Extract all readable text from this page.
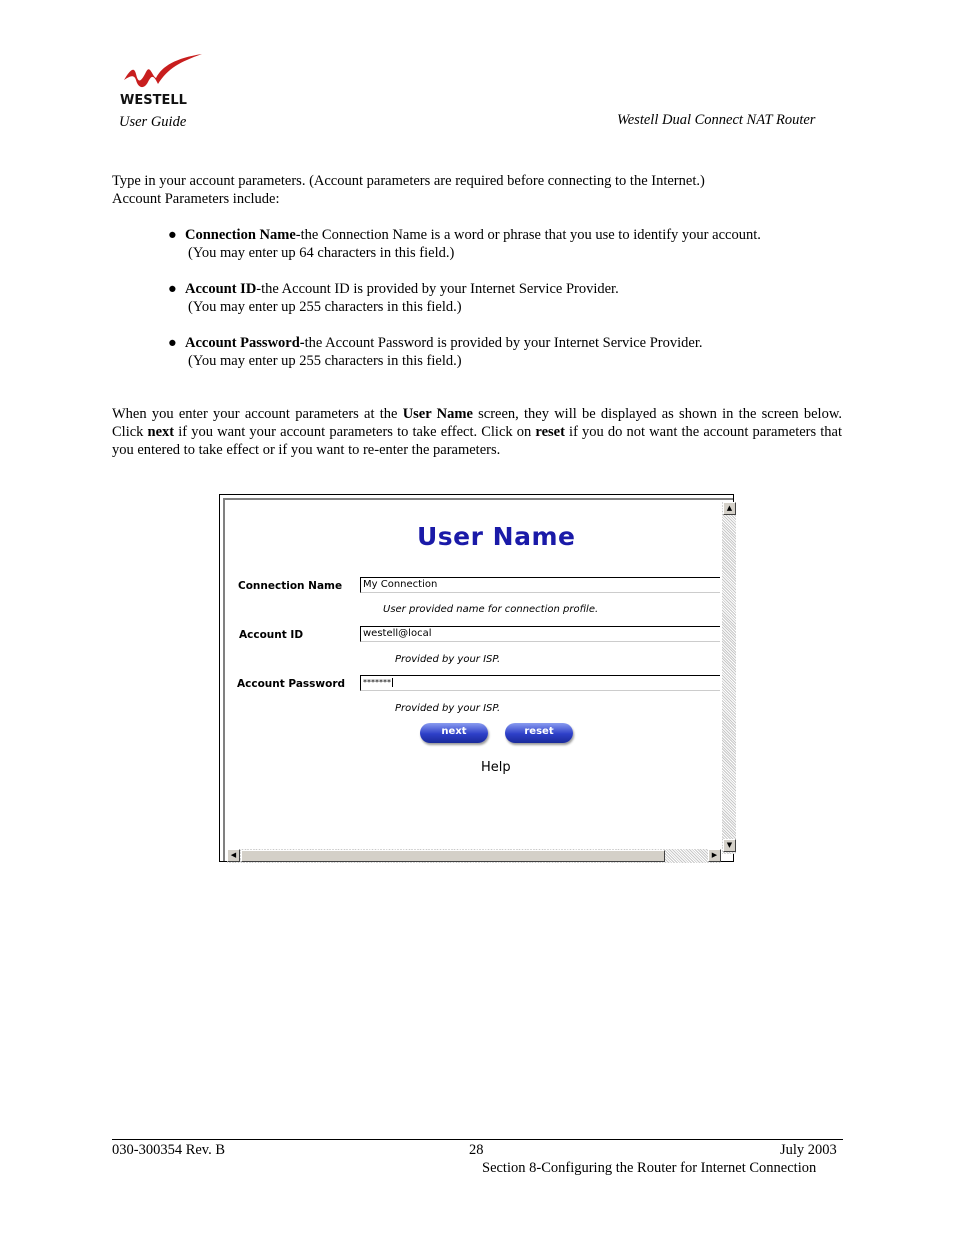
WESTELL
User Guide	Westell Dual Connect NAT Router
Type in your account parameters. (Account parameters are required before connecting to the Internet.)
Account Parameters include:
● Connection Name-the Connection Name is a word or phrase that you use to identify your account.
(You may enter up 64 characters in this field.)
● Account ID-the Account ID is provided by your Internet Service Provider.
(You may enter up 255 characters in this field.)
● Account Password-the Account Password is provided by your Internet Service Provider.
(You may enter up 255 characters in this field.)
When you enter your account parameters at the User Name screen, they will be displayed as shown in the screen below. Click next if you want your account parameters to take effect. Click on reset if you do not want the account parameters that you entered to take effect or if you want to re-enter the parameters.
User Name
Connection Name	My Connection
User provided name for connection profile.
Account ID	westell@local
Provided by your ISP.
Account Password	*******
Provided by your ISP.
next	reset
Help
▲
▼
◀	▶
030-300354 Rev. B	28	July 2003
Section 8-Configuring the Router for Internet Connection
